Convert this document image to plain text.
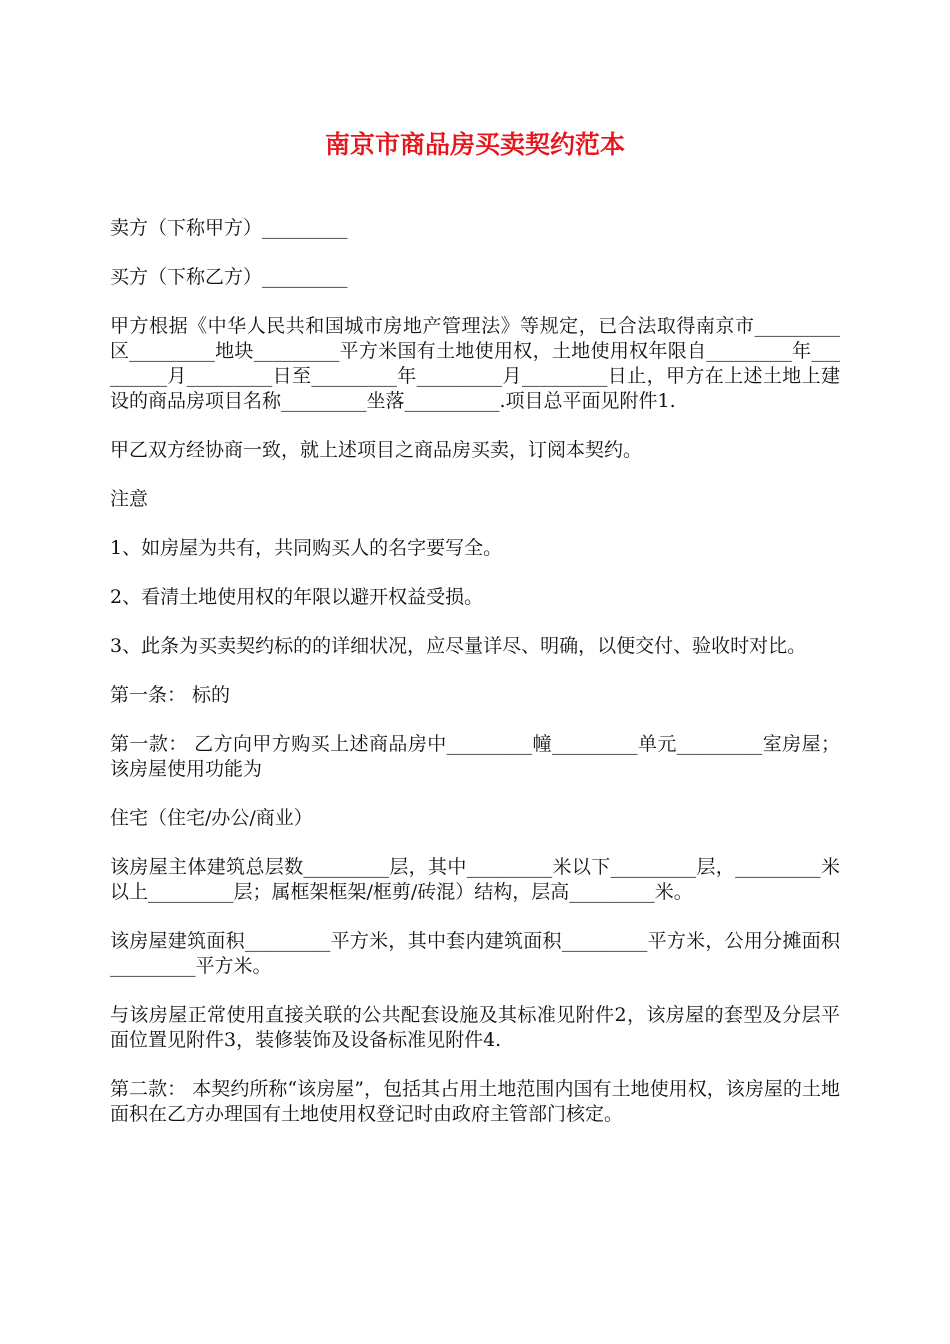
南京市商品房买卖契约范本

卖方（下称甲方）_________

买方（下称乙方）_________

甲方根据《中华人民共和国城市房地产管理法》等规定，已合法取得南京市_________区_________地块_________平方米国有土地使用权，土地使用权年限自_________年_________月_________日至_________年_________月_________日止，甲方在上述土地上建设的商品房项目名称_________坐落__________.项目总平面见附件1.

甲乙双方经协商一致，就上述项目之商品房买卖，订阅本契约。

注意

1、如房屋为共有，共同购买人的名字要写全。

2、看清土地使用权的年限以避开权益受损。

3、此条为买卖契约标的的详细状况，应尽量详尽、明确，以便交付、验收时对比。

第一条： 标的

第一款： 乙方向甲方购买上述商品房中_________幢_________单元_________室房屋；该房屋使用功能为

住宅（住宅/办公/商业）

该房屋主体建筑总层数_________层，其中_________米以下_________层，_________米以上_________层；属框架框架/框剪/砖混）结构，层高_________米。

该房屋建筑面积_________平方米，其中套内建筑面积_________平方米，公用分摊面积_________平方米。

与该房屋正常使用直接关联的公共配套设施及其标准见附件2，该房屋的套型及分层平面位置见附件3，装修装饰及设备标准见附件4.

第二款： 本契约所称“该房屋”，包括其占用土地范围内国有土地使用权，该房屋的土地面积在乙方办理国有土地使用权登记时由政府主管部门核定。
